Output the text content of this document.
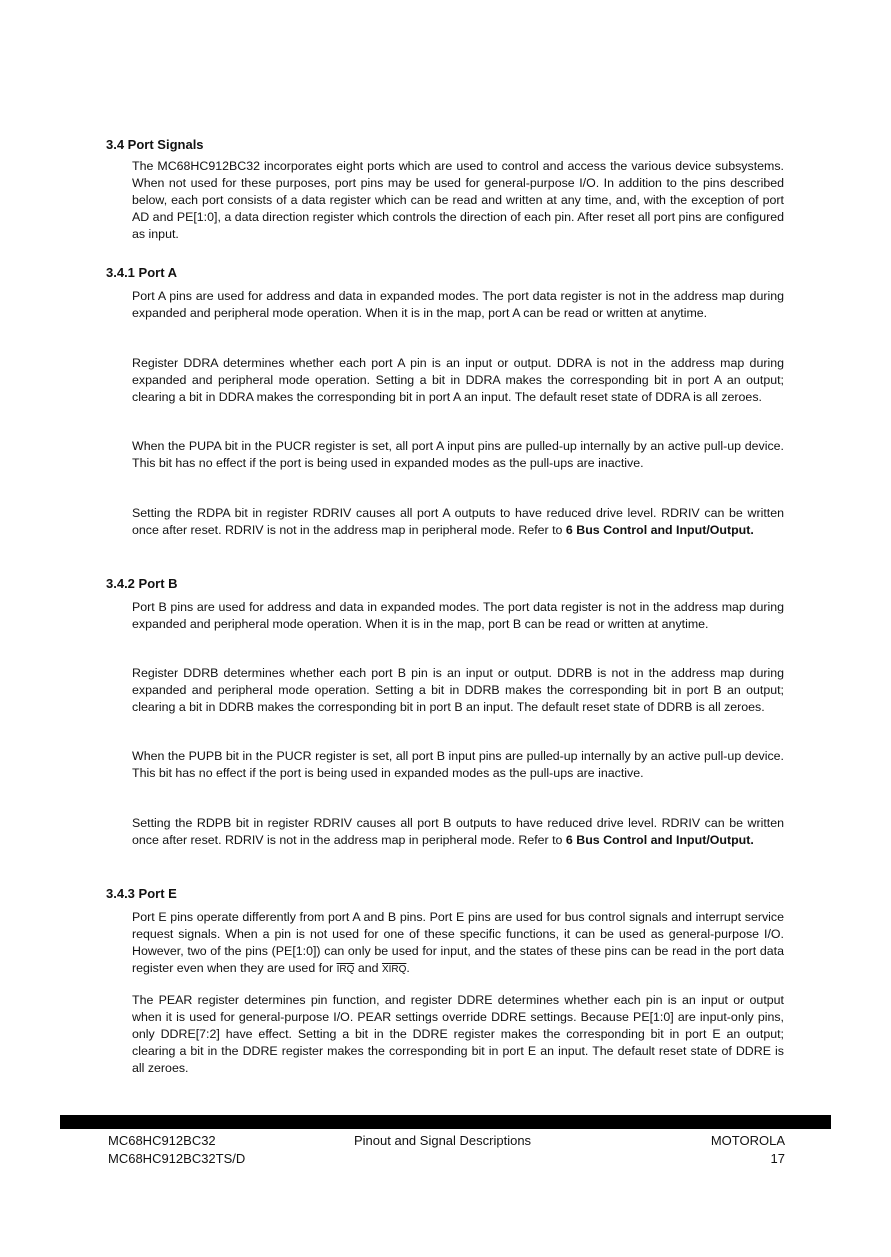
3.4 Port Signals

The MC68HC912BC32 incorporates eight ports which are used to control and access the various device subsystems. When not used for these purposes, port pins may be used for general-purpose I/O. In addition to the pins described below, each port consists of a data register which can be read and written at any time, and, with the exception of port AD and PE[1:0], a data direction register which controls the direction of each pin. After reset all port pins are configured as input.

3.4.1 Port A

Port A pins are used for address and data in expanded modes. The port data register is not in the address map during expanded and peripheral mode operation. When it is in the map, port A can be read or written at anytime.

Register DDRA determines whether each port A pin is an input or output. DDRA is not in the address map during expanded and peripheral mode operation. Setting a bit in DDRA makes the corresponding bit in port A an output; clearing a bit in DDRA makes the corresponding bit in port A an input. The default reset state of DDRA is all zeroes.

When the PUPA bit in the PUCR register is set, all port A input pins are pulled-up internally by an active pull-up device. This bit has no effect if the port is being used in expanded modes as the pull-ups are inactive.

Setting the RDPA bit in register RDRIV causes all port A outputs to have reduced drive level. RDRIV can be written once after reset. RDRIV is not in the address map in peripheral mode. Refer to 6 Bus Control and Input/Output.

3.4.2 Port B

Port B pins are used for address and data in expanded modes. The port data register is not in the address map during expanded and peripheral mode operation. When it is in the map, port B can be read or written at anytime.

Register DDRB determines whether each port B pin is an input or output. DDRB is not in the address map during expanded and peripheral mode operation. Setting a bit in DDRB makes the corresponding bit in port B an output; clearing a bit in DDRB makes the corresponding bit in port B an input. The default reset state of DDRB is all zeroes.

When the PUPB bit in the PUCR register is set, all port B input pins are pulled-up internally by an active pull-up device. This bit has no effect if the port is being used in expanded modes as the pull-ups are inactive.

Setting the RDPB bit in register RDRIV causes all port B outputs to have reduced drive level. RDRIV can be written once after reset. RDRIV is not in the address map in peripheral mode. Refer to 6 Bus Control and Input/Output.

3.4.3 Port E

Port E pins operate differently from port A and B pins. Port E pins are used for bus control signals and interrupt service request signals. When a pin is not used for one of these specific functions, it can be used as general-purpose I/O. However, two of the pins (PE[1:0]) can only be used for input, and the states of these pins can be read in the port data register even when they are used for $\overline{IRQ}$ and XIRQ.

The PEAR register determines pin function, and register DDRE determines whether each pin is an input or output when it is used for general-purpose I/O. PEAR settings override DDRE settings. Because PE[1:0] are input-only pins, only DDRE[7:2] have effect. Setting a bit in the DDRE register makes the corresponding bit in port E an output; clearing a bit in the DDRE register makes the corresponding bit in port E an input. The default reset state of DDRE is all zeroes.

MC68HC912BC32
MC68HC912BC32TS/D
Pinout and Signal Descriptions	MOTOROLA
17
